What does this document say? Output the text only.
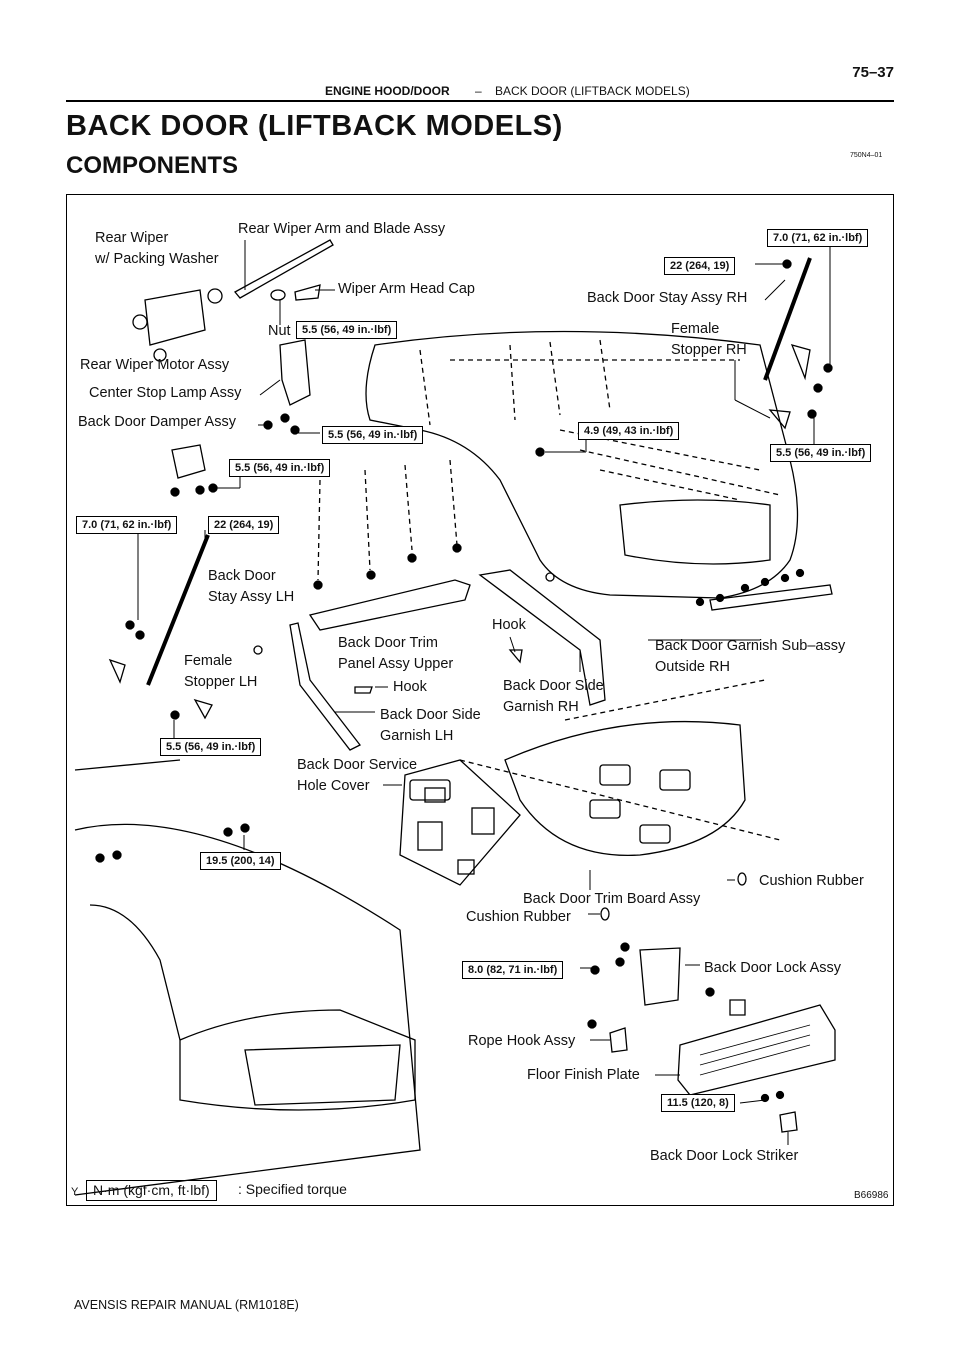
ENGINE HOOD/DOOR – BACK DOOR (LIFTBACK MODELS)
75–37
BACK DOOR (LIFTBACK MODELS)
COMPONENTS	750N4–01
Rear Wiper
w/ Packing Washer
Rear Wiper Arm and Blade Assy
Wiper Arm Head Cap
Nut
Rear Wiper Motor Assy
Center Stop Lamp Assy
Back Door Damper Assy
Back Door
Stay Assy LH
Female
Stopper LH
Back Door Trim
Panel Assy Upper
Hook
Hook
Back Door Side
Garnish LH
Back Door Side
Garnish RH
Back Door Service
Hole Cover
Back Door Stay Assy RH
Female
Stopper RH
Back Door Garnish Sub–assy
Outside RH
Back Door Trim Board Assy
Cushion Rubber
Cushion Rubber
Back Door Lock Assy
Rope Hook Assy
Floor Finish Plate
Back Door Lock Striker
7.0 (71, 62 in.·lbf)
22 (264, 19)
5.5 (56, 49 in.·lbf)
5.5 (56, 49 in.·lbf)
5.5 (56, 49 in.·lbf)
4.9 (49, 43 in.·lbf)
5.5 (56, 49 in.·lbf)
7.0 (71, 62 in.·lbf)	22 (264, 19)
5.5 (56, 49 in.·lbf)
19.5 (200, 14)
8.0 (82, 71 in.·lbf)
11.5 (120, 8)
Y	N·m (kgf·cm, ft·lbf)	: Specified torque	B66986
AVENSIS REPAIR MANUAL (RM1018E)
